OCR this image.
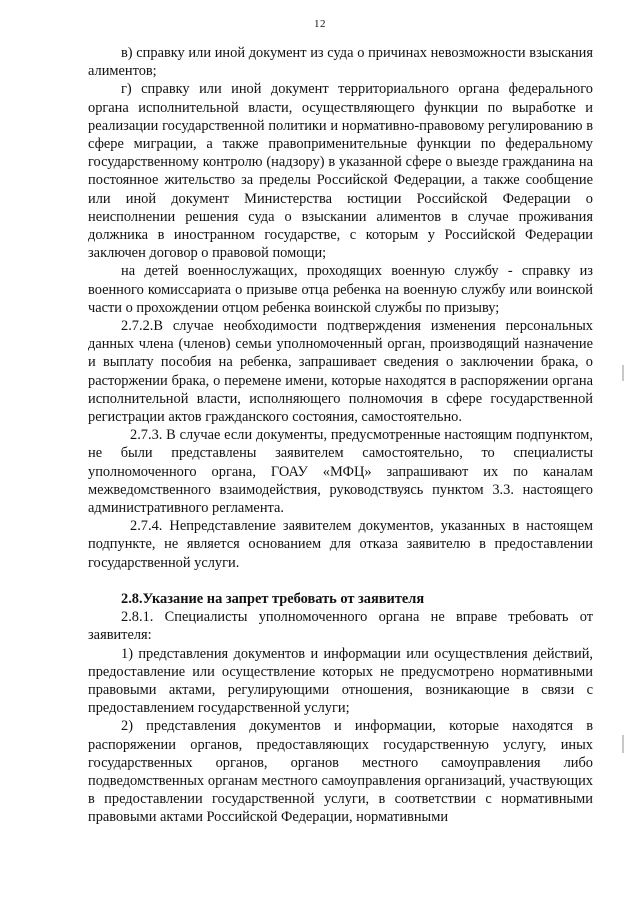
12

в) справку или иной документ из суда о причинах невозможности взыскания алиментов;

г) справку или иной документ территориального органа федерального органа исполнительной власти, осуществляющего функции по выработке и реализации государственной политики и нормативно-правовому регулированию в сфере миграции, а также правоприменительные функции по федеральному государственному контролю (надзору) в указанной сфере о выезде гражданина на постоянное жительство за пределы Российской Федерации, а также сообщение или иной документ Министерства юстиции Российской Федерации о неисполнении решения суда о взыскании алиментов в случае проживания должника в иностранном государстве, с которым у Российской Федерации заключен договор о правовой помощи;

на детей военнослужащих, проходящих военную службу - справку из военного комиссариата о призыве отца ребенка на военную службу или воинской части о прохождении отцом ребенка воинской службы по призыву;

2.7.2.В случае необходимости подтверждения изменения персональных данных члена (членов) семьи уполномоченный орган, производящий назначение и выплату пособия на ребенка, запрашивает сведения о заключении брака, о расторжении брака, о перемене имени, которые находятся в распоряжении органа исполнительной власти, исполняющего полномочия в сфере государственной регистрации актов гражданского состояния, самостоятельно.

2.7.3. В случае если документы, предусмотренные настоящим подпунктом, не были представлены заявителем самостоятельно, то специалисты уполномоченного органа, ГОАУ «МФЦ» запрашивают их по каналам межведомственного взаимодействия, руководствуясь пунктом 3.3. настоящего административного регламента.

2.7.4. Непредставление заявителем документов, указанных в настоящем подпункте, не является основанием для отказа заявителю в предоставлении государственной услуги.

2.8.Указание на запрет требовать от заявителя

2.8.1. Специалисты уполномоченного органа не вправе требовать от заявителя:

1) представления документов и информации или осуществления действий, предоставление или осуществление которых не предусмотрено нормативными правовыми актами, регулирующими отношения, возникающие в связи с предоставлением государственной услуги;

2) представления документов и информации, которые находятся в распоряжении органов, предоставляющих государственную услугу, иных государственных органов, органов местного самоуправления либо подведомственных органам местного самоуправления организаций, участвующих в предоставлении государственной услуги, в соответствии с нормативными правовыми актами Российской Федерации, нормативными
